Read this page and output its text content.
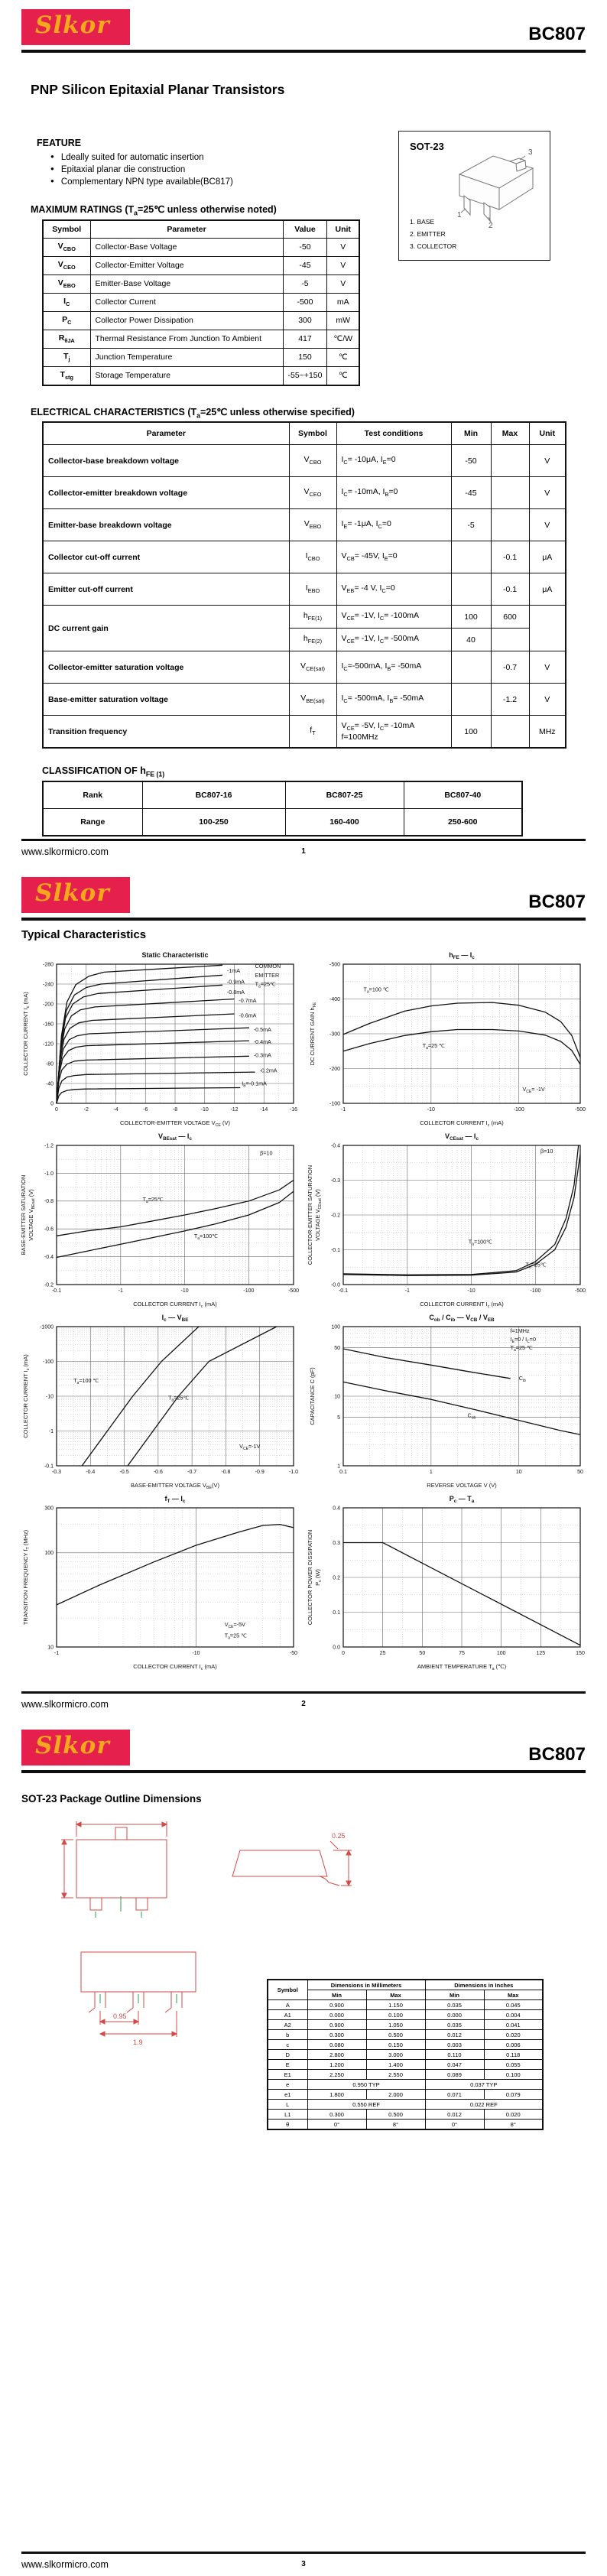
Slkor	BC807
PNP Silicon Epitaxial Planar Transistors
FEATURE
● Ldeally suited for automatic insertion
● Epitaxial planar die construction
● Complementary NPN type available(BC817)
SOT-23
3
1
2
1. BASE
2. EMITTER
3. COLLECTOR
MAXIMUM RATINGS ($T_a=25℃$ unless otherwise noted)
Symbol	Parameter	Value	Unit
$V_{CBO}$	Collector-Base Voltage	-50	V
$V_{CEO}$	Collector-Emitter Voltage	-45	V
$V_{EBO}$	Emitter-Base Voltage	-5	V
$I_C$	Collector Current	-500	mA
$P_C$	Collector Power Dissipation	300	mW
$R_{\theta JA}$	Thermal Resistance From Junction To Ambient	417	℃/W
$T_j$	Junction Temperature	150	℃
$T_{stg}$	Storage Temperature	-55~+150	℃
ELECTRICAL CHARACTERISTICS ($T_a=25℃$ unless otherwise specified)
Parameter	Symbol	Test conditions	Min	Max	Unit
Collector-base breakdown voltage	$V_{CBO}$	$I_C= -10\mu A$, $I_E=0$	-50		V
Collector-emitter breakdown voltage	$V_{CEO}$	$I_C= -10mA$, $I_B=0$	-45		V
Emitter-base breakdown voltage	$V_{EBO}$	$I_E= -1\mu A$, $I_C=0$	-5		V
Collector cut-off current	$I_{CBO}$	$V_{CB}= -45V$, $I_E=0$		-0.1	μA
Emitter cut-off current	$I_{EBO}$	$V_{EB}= -4$ V, $I_C=0$		-0.1	μA
DC current gain	$h_{FE(1)}$	$V_{CE}= -1V$, $I_C= -100mA$	100	600	
	$h_{FE(2)}$	$V_{CE}= -1V$, $I_C= -500mA$	40		
Collector-emitter saturation voltage	$V_{CE(sat)}$	$I_C=-500mA$, $I_B= -50mA$		-0.7	V
Base-emitter saturation voltage	$V_{BE(sat)}$	$I_C= -500mA$, $I_B= -50mA$		-1.2	V
Transition frequency	$f_T$	$V_{CE}= -5V$, $I_C= -10mA$
f=100MHz	100		MHz
CLASSIFICATION OF $h_{FE (1)}$
Rank	BC807-16	BC807-25	BC807-40
Range	100-250	160-400	250-600
www.slkormicro.com	1
Slkor	BC807
Typical Characteristics
0	-2	-4	-6	-8	-10	-12	-14	-16
0
-40
-80
-120
-160
-200
-240
-280
Static Characteristic
COLLECTOR-EMITTER VOLTAGE $V_{CE}$ (V)
COLLECTOR CURRENT $I_c$ (mA)
-1mA
-0.9mA
-0.8mA
-0.7mA
-0.6mA
-0.5mA
-0.4mA
-0.3mA
-0.2mA
$I_B=-0.1mA$
COMMON
EMITTER
$T_a=25℃$
-1	-10	-100	-500
-100
-200
-300
-400
-500
$h_{FE}$ — $I_c$
COLLECTOR CURRENT $I_c$ (mA)
DC CURRENT GAIN $h_{FE}$
$T_a=100$ ℃
$T_a=25$ ℃
$V_{CE}= -1V$
-0.1	-1	-10	-100	-500
-0.2
-0.4
-0.6
-0.8
-1.0
-1.2
$V_{BEsat}$ — $I_c$
COLLECTOR CURRENT $I_c$ (mA)
BASE-EMITTER SATURATION VOLTAGE $V_{BEsat}$ (V)
β=10
$T_a=25℃$
$T_a=100℃$
-0.1	-1	-10	-100	-500
-0.0
-0.1
-0.2
-0.3
-0.4
$V_{CEsat}$ — $I_c$
COLLECTOR CURRENT $I_c$ (mA)
COLLECTOR-EMITTER SATURATION VOLTAGE $V_{CEsat}$ (V)
β=10
$T_a=100℃$
$T_a=25℃$
-0.3	-0.4	-0.5	-0.6	-0.7	-0.8	-0.9	-1.0
-0.1
-1
-10
-100
-1000
$I_c$ — $V_{BE}$
BASE-EMITTER VOLTAGE $V_{BE}(V)$
COLLECTOR CURRENT $I_c$ (mA)
$T_a=100$ ℃
$T_a=25℃$
$V_{CE}=-1V$
0.1	1	10	50
1
5
10
50
100
$C_{ob} / C_{ib}$ — $V_{CB} / V_{EB}$
REVERSE VOLTAGE V (V)
CAPACITANCE C (pF)
f=1MHz
$I_E=0 / I_C=0$
$T_a=25$ ℃
$C_{ib}$
$C_{ob}$
-1	-10	-50
10
100
300
$f_T$ — $I_c$
COLLECTOR CURRENT $I_c$ (mA)
TRANSITION FREQUENCY $f_T$ (MHz)
$V_{CE}=-5V$
$T_a=25$ ℃
0	25	50	75	100	125	150
0.0
0.1
0.2
0.3
0.4
$P_c$ — $T_a$
AMBIENT TEMPERATURE $T_a$ (℃)
COLLECTOR POWER DISSIPATION $P_c$ (W)
www.slkormicro.com	2
Slkor	BC807
SOT-23 Package Outline Dimensions
0.25
0.95
1.9
Symbol	Dimensions in Millimeters		Dimensions in Inches	
	Min	Max	Min	Max
A	0.900	1.150	0.035	0.045
A1	0.000	0.100	0.000	0.004
A2	0.900	1.050	0.035	0.041
b	0.300	0.500	0.012	0.020
c	0.080	0.150	0.003	0.006
D	2.800	3.000	0.110	0.118
E	1.200	1.400	0.047	0.055
E1	2.250	2.550	0.089	0.100
e	0.950 TYP		0.037 TYP	
e1	1.800	2.000	0.071	0.079
L	0.550 REF		0.022 REF	
L1	0.300	0.500	0.012	0.020
θ	0°	8°	0°	8°
www.slkormicro.com	3
